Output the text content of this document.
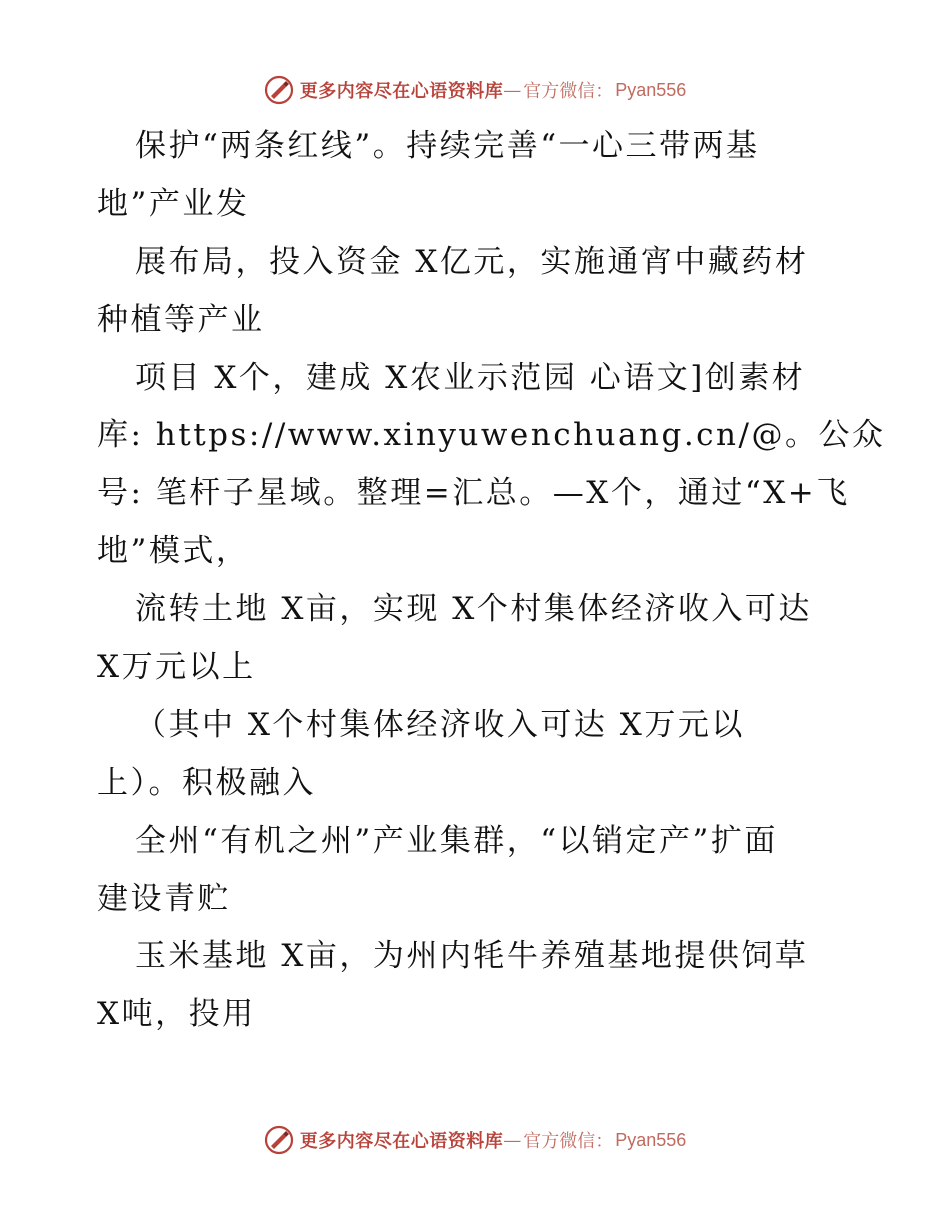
更多内容尽在心语资料库 — 官方微信： Pyan556
保护“两条红线”。持续完善“一心三带两基
地”产业发
展布局，投入资金 X亿元，实施通宵中藏药材
种植等产业
项目 X个，建成 X农业示范园 心语文]创素材
库: https://www.xinyuwenchuang.cn/@。公众
号: 笔杆子星域。整理=汇总。—X个，通过“X+飞
地”模式，
流转土地 X亩，实现 X个村集体经济收入可达
X万元以上
（其中 X个村集体经济收入可达 X万元以
上）。积极融入
全州“有机之州”产业集群，“以销定产”扩面
建设青贮
玉米基地 X亩，为州内牦牛养殖基地提供饲草
X吨，投用
更多内容尽在心语资料库 — 官方微信： Pyan556
